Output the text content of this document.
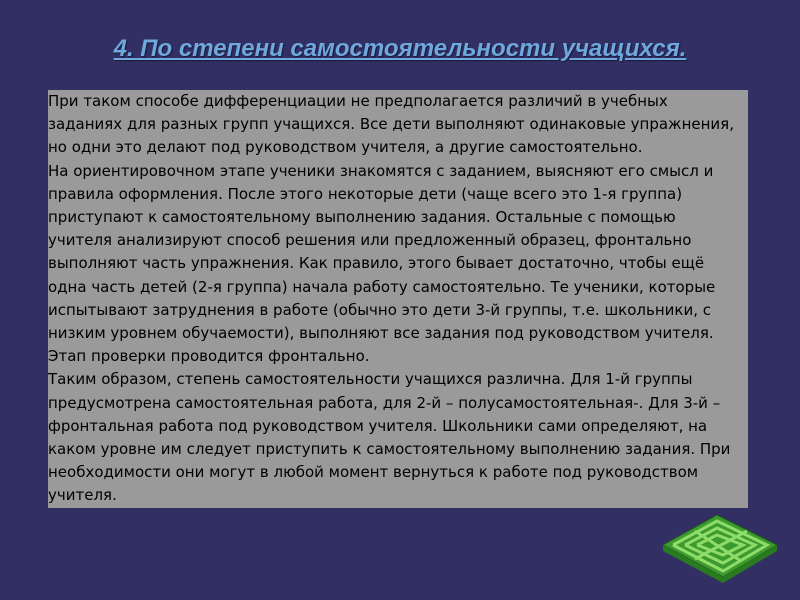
4. По степени самостоятельности учащихся.

При таком способе дифференциации не предполагается различий в учебных заданиях для разных групп учащихся. Все дети выполняют одинаковые упражнения, но одни это делают под руководством учителя, а другие самостоятельно.

На ориентировочном этапе ученики знакомятся с заданием, выясняют его смысл и правила оформления. После этого некоторые дети (чаще всего это 1-я группа) приступают к самостоятельному выполнению задания. Остальные с помощью учителя анализируют способ решения или предложенный образец, фронтально выполняют часть упражнения. Как правило, этого бывает достаточно, чтобы ещё одна часть детей (2-я группа) начала работу самостоятельно. Те ученики, которые испытывают затруднения в работе (обычно это дети 3-й группы, т.е. школьники, с низким уровнем обучаемости), выполняют все задания под руководством учителя. Этап проверки проводится фронтально.

Таким образом, степень самостоятельности учащихся различна. Для 1-й группы предусмотрена самостоятельная работа, для 2-й – полусамостоятельная-. Для 3-й – фронтальная работа под руководством учителя. Школьники сами определяют, на каком уровне им следует приступить к самостоятельному выполнению задания. При необходимости они могут в любой момент вернуться к работе под руководством учителя.
